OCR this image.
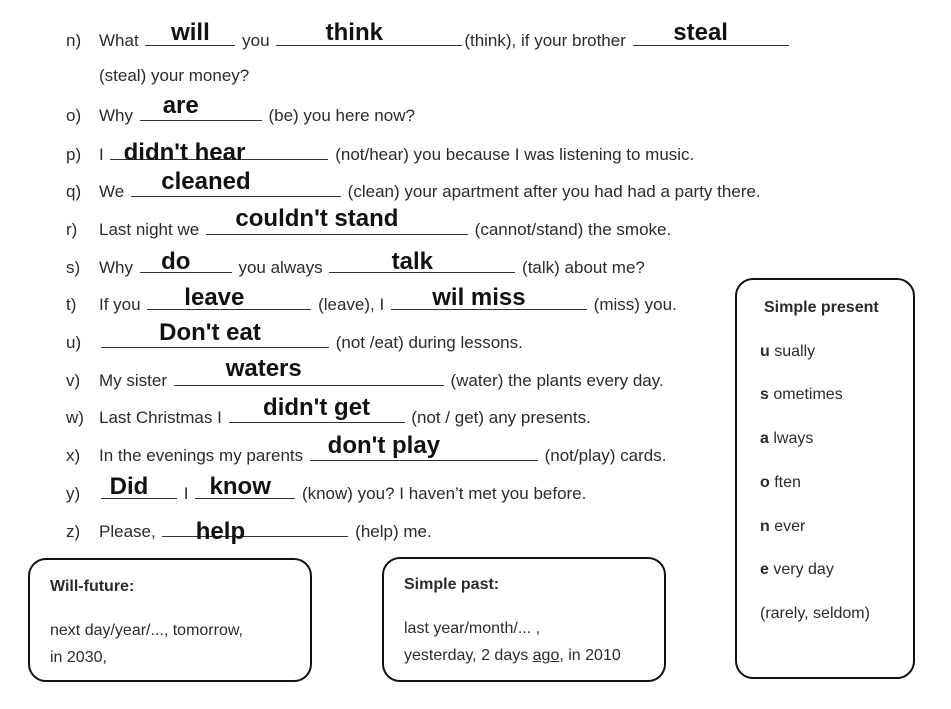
n) What	will	you	think	(think), if your brother	steal
(steal) your money?
o) Why	are	(be) you here now?
p) I didn't hear	(not/hear) you because I was listening to music.
q) We	cleaned	(clean) your apartment after you had had a party there.
r) Last night we	couldn't stand	(cannot/stand) the smoke.
s) Why	do	you always	talk	(talk) about me?
t) If you	leave	(leave), I	wil miss	(miss) you.
u)	Don't eat	(not /eat) during lessons.
v) My sister	waters	(water) the plants every day.
w) Last Christmas I	didn't get	(not / get) any presents.
x) In the evenings my parents	don't play	(not/play) cards.
y)	Did	I know	(know) you? I haven’t met you before.
z) Please,	help	(help) me.
Will-future:
next day/year/..., tomorrow,
in 2030,
Simple past:
last year/month/... ,
yesterday, 2 days ago, in 2010
Simple present
u sually
s ometimes
a lways
o ften
n ever
e very day
(rarely, seldom)
